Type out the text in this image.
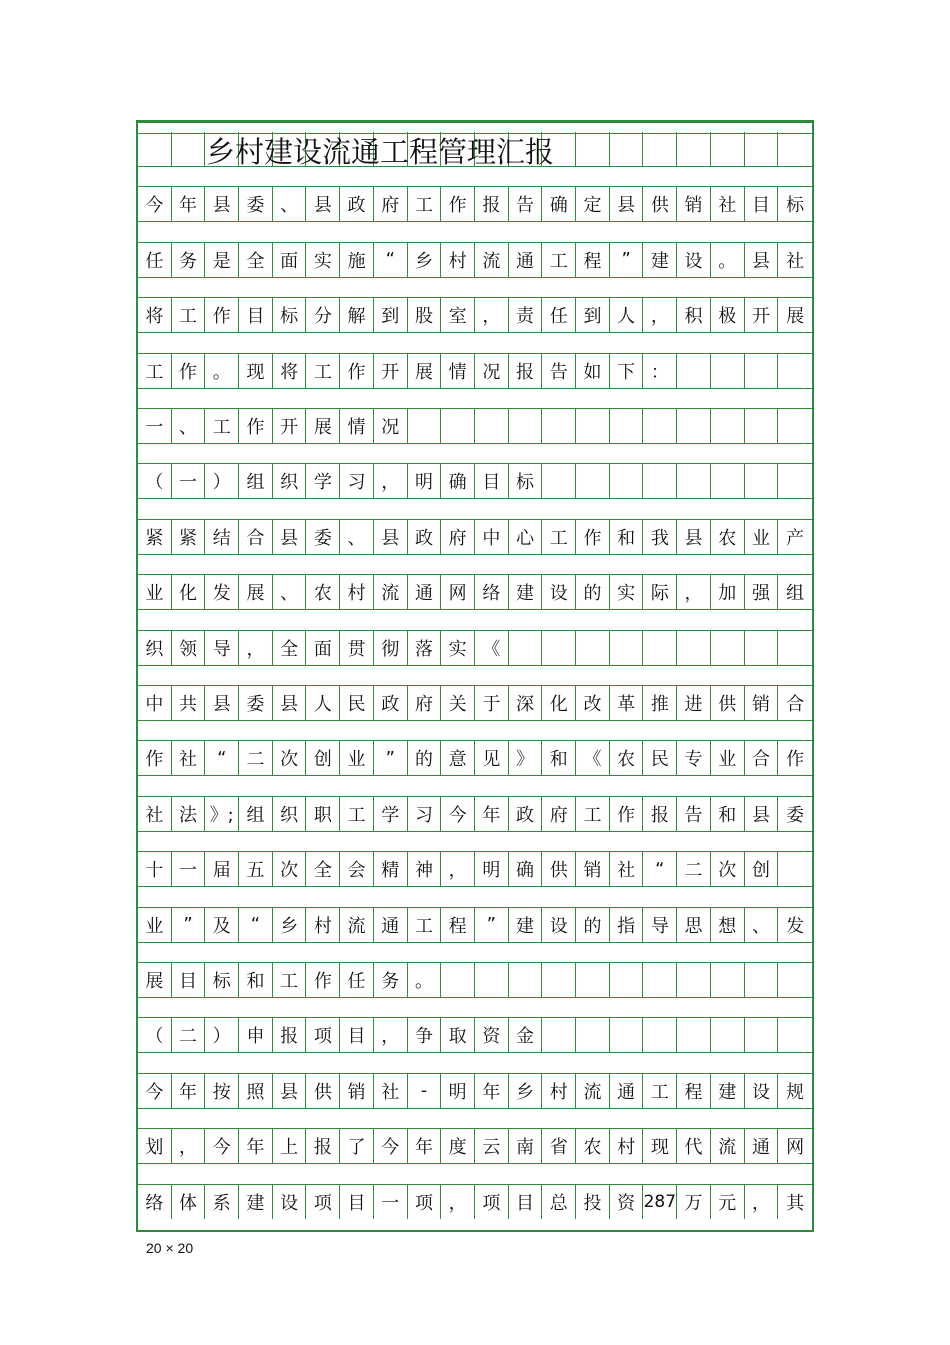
今 年 县 委 、 县 政 府 工 作 报 告 确 定 县 供 销 社 目 标
任 务 是 全 面 实 施	“	乡 村 流 通 工 程	”	建 设 。 县 社
将 工 作 目 标 分 解 到 股 室 ， 责 任 到 人 ， 积 极 开 展
工 作 。 现 将 工 作 开 展 情 况 报 告 如 下 ：
一 、 工 作 开 展 情 况
（ 一 ） 组 织 学 习 ， 明 确 目 标
紧 紧 结 合 县 委 、 县 政 府 中 心 工 作 和 我 县 农 业 产
业 化 发 展 、 农 村 流 通 网 络 建 设 的 实 际 ， 加 强 组
织 领 导 ， 全 面 贯 彻 落 实 《
中 共 县 委 县 人 民 政 府 关 于 深 化 改 革 推 进 供 销 合
作 社	“	二 次 创 业	”	的 意 见 》 和 《 农 民 专 业 合 作
社 法 》; 组 织 职 工 学 习 今 年 政 府 工 作 报 告 和 县 委
十 一 届 五 次 全 会 精 神 ， 明 确 供 销 社	“	二 次 创
业	”	及	“	乡 村 流 通 工 程	”	建 设 的 指 导 思 想 、 发
展 目 标 和 工 作 任 务 。
（ 二 ） 申 报 项 目 ， 争 取 资 金
今 年 按 照 县 供 销 社	-	明 年 乡 村 流 通 工 程 建 设 规
划 ， 今 年 上 报 了 今 年 度 云 南 省 农 村 现 代 流 通 网
络 体 系 建 设 项 目 一 项 ， 项 目 总 投 资 287 万 元 ， 其
乡村建设流通工程管理汇报
20 × 20
